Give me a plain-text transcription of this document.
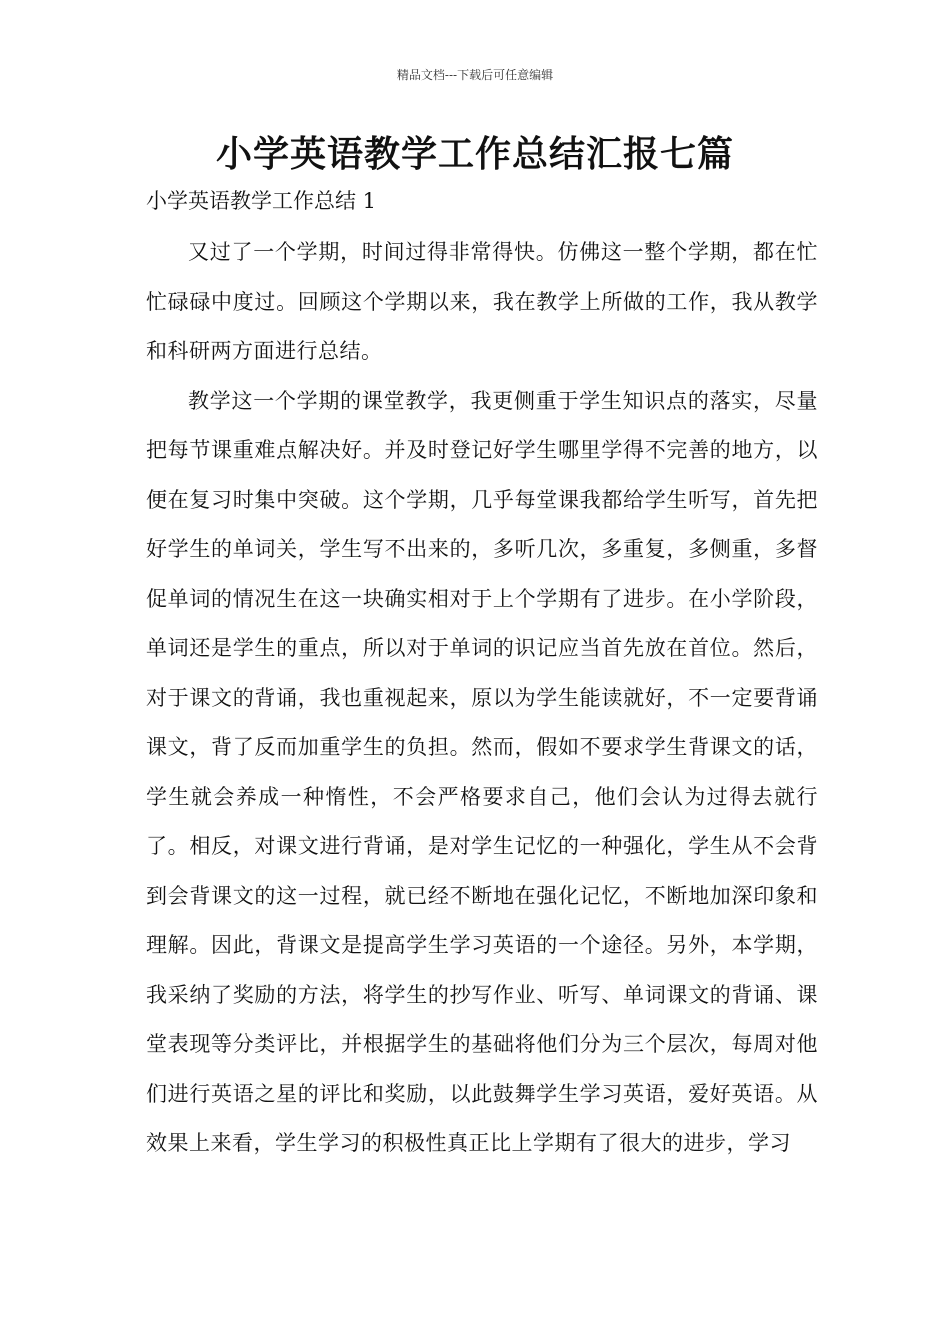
精品文档---下载后可任意编辑
小学英语教学工作总结汇报七篇
小学英语教学工作总结 1

又过了一个学期，时间过得非常得快。仿佛这一整个学期，都在忙忙碌碌中度过。回顾这个学期以来，我在教学上所做的工作，我从教学和科研两方面进行总结。

教学这一个学期的课堂教学，我更侧重于学生知识点的落实，尽量把每节课重难点解决好。并及时登记好学生哪里学得不完善的地方，以便在复习时集中突破。这个学期，几乎每堂课我都给学生听写，首先把好学生的单词关，学生写不出来的，多听几次，多重复，多侧重，多督促单词的情况生在这一块确实相对于上个学期有了进步。在小学阶段，单词还是学生的重点，所以对于单词的识记应当首先放在首位。然后，对于课文的背诵，我也重视起来，原以为学生能读就好，不一定要背诵课文，背了反而加重学生的负担。然而，假如不要求学生背课文的话，学生就会养成一种惰性，不会严格要求自己，他们会认为过得去就行了。相反，对课文进行背诵，是对学生记忆的一种强化，学生从不会背到会背课文的这一过程，就已经不断地在强化记忆，不断地加深印象和理解。因此，背课文是提高学生学习英语的一个途径。另外，本学期，我采纳了奖励的方法，将学生的抄写作业、听写、单词课文的背诵、课堂表现等分类评比，并根据学生的基础将他们分为三个层次，每周对他们进行英语之星的评比和奖励，以此鼓舞学生学习英语，爱好英语。从效果上来看，学生学习的积极性真正比上学期有了很大的进步，学习
